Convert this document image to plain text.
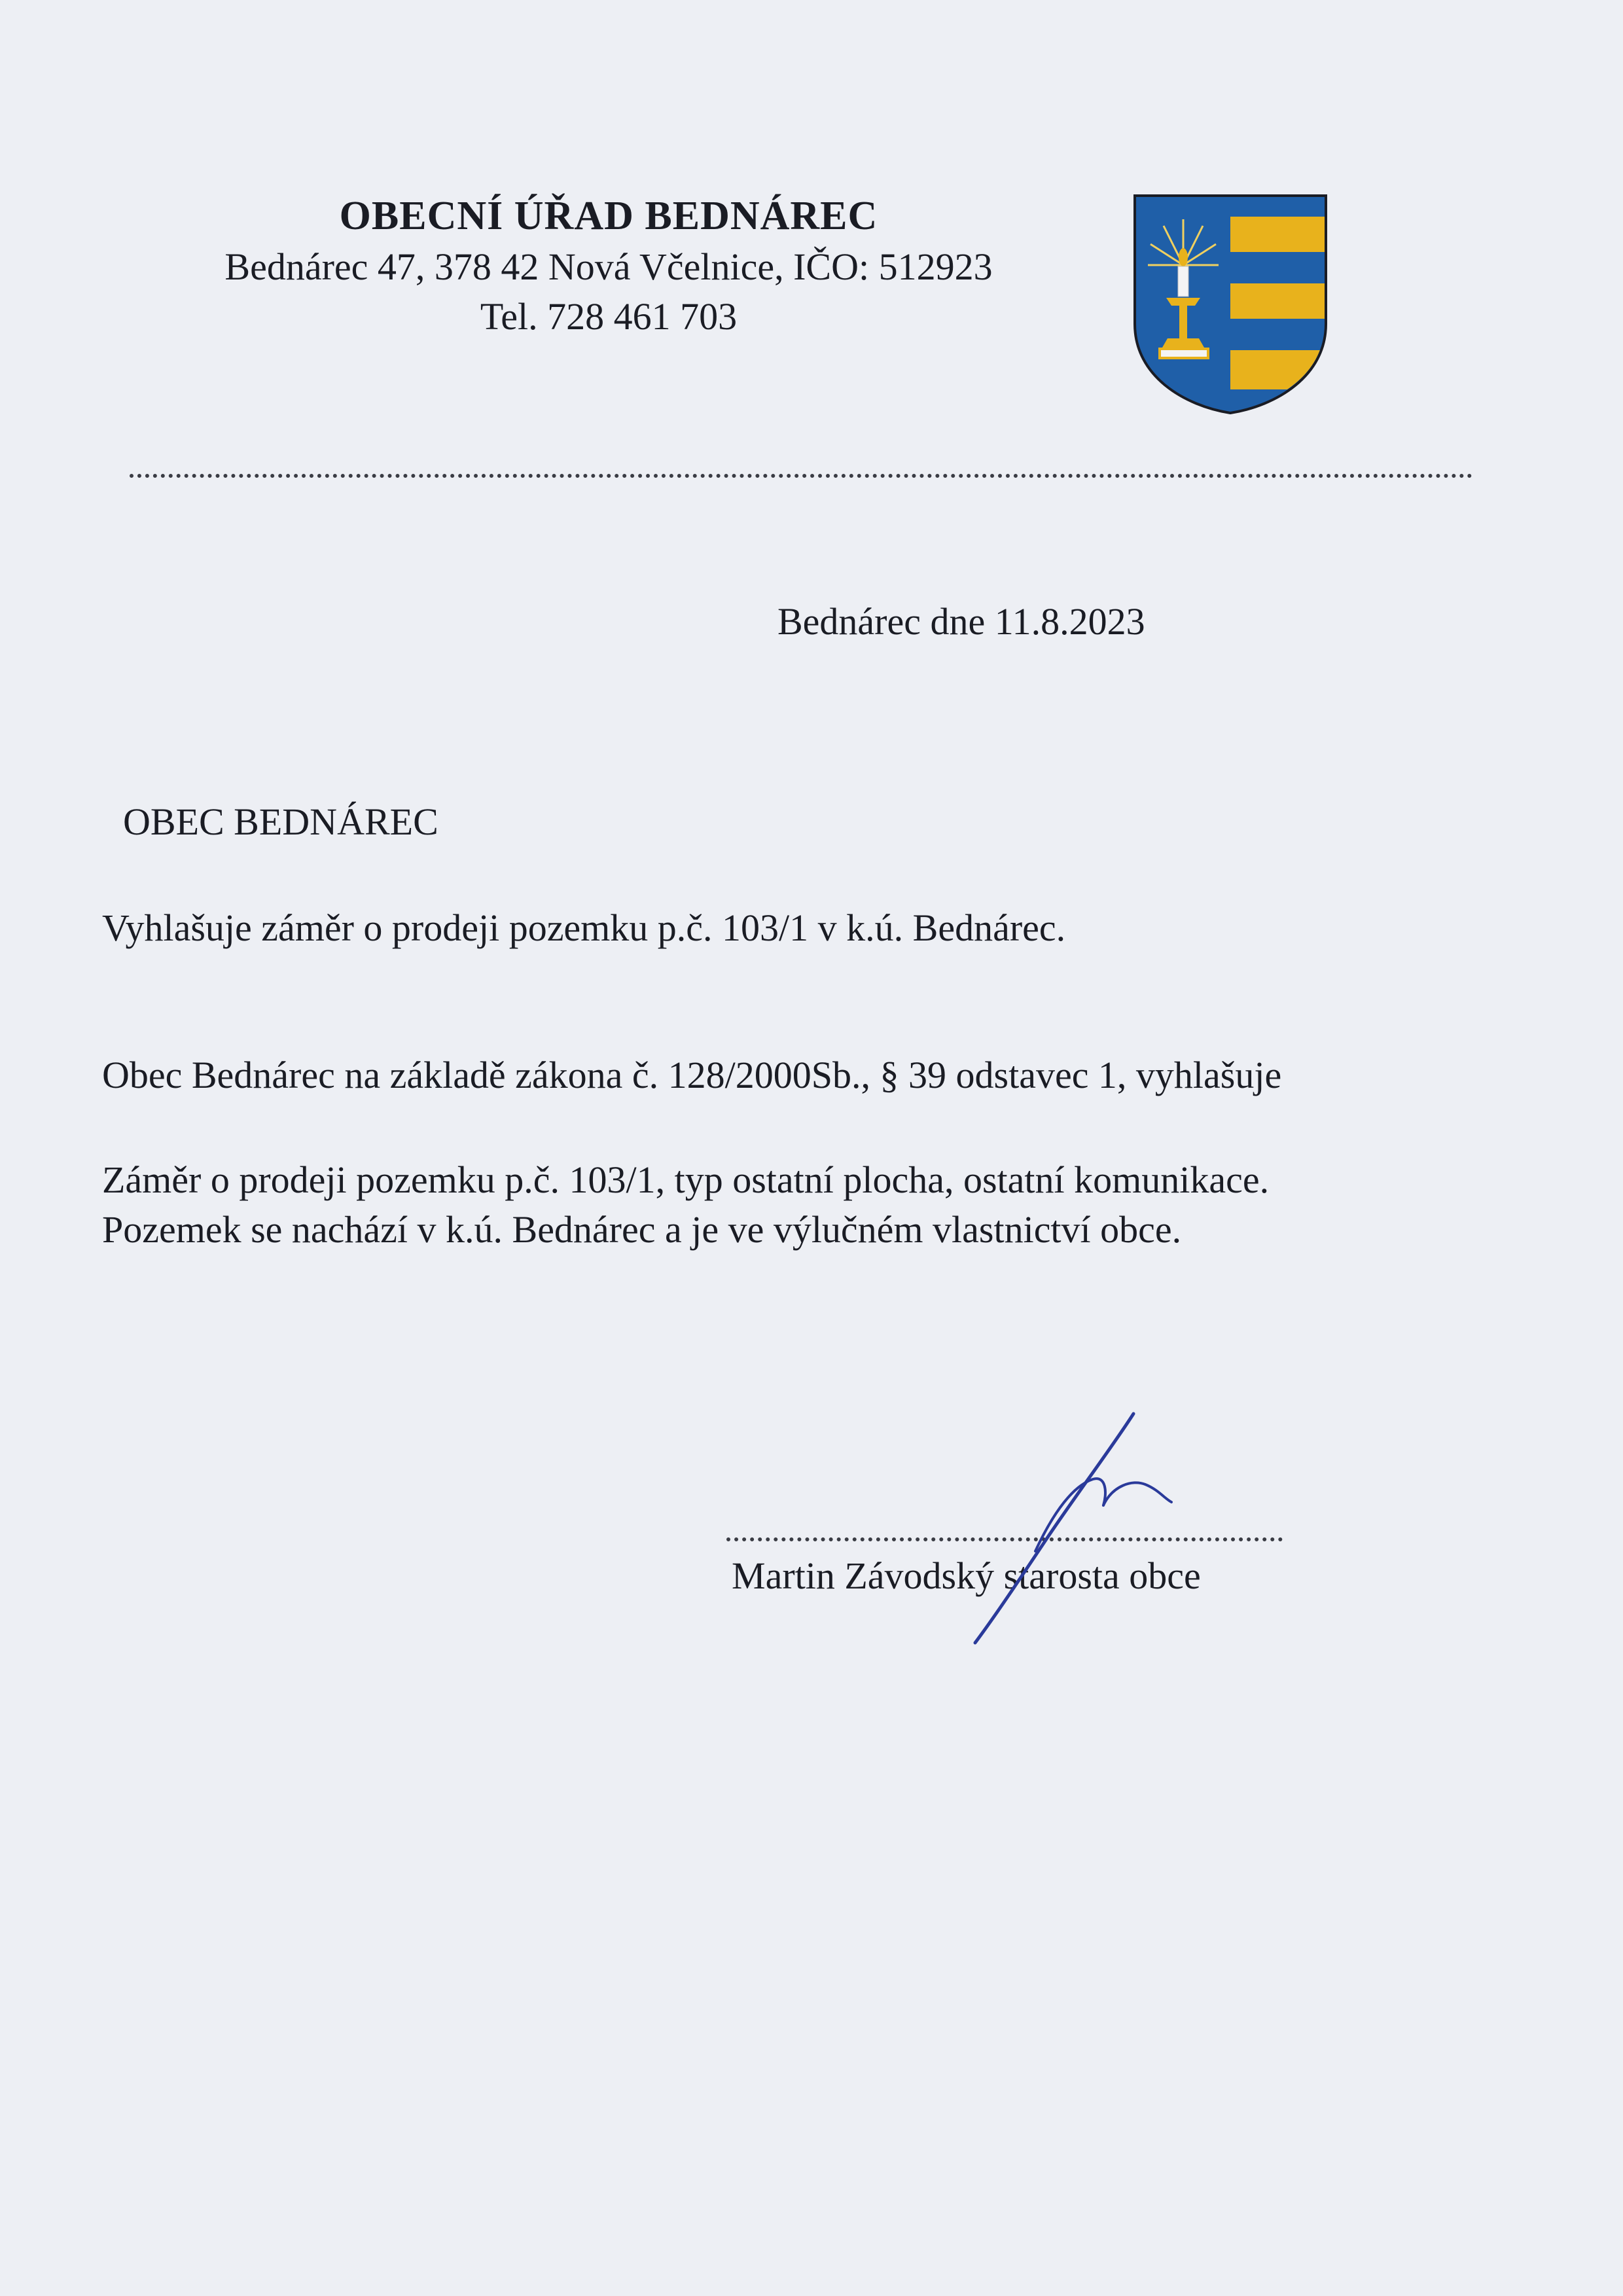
OBECNÍ ÚŘAD BEDNÁREC
Bednárec 47, 378 42 Nová Včelnice, IČO: 512923
Tel. 728 461 703
Bednárec dne 11.8.2023
OBEC BEDNÁREC
Vyhlašuje záměr o prodeji pozemku p.č. 103/1 v k.ú. Bednárec.
Obec Bednárec na základě zákona č. 128/2000Sb., § 39 odstavec 1, vyhlašuje
Záměr o prodeji pozemku p.č. 103/1, typ ostatní plocha, ostatní komunikace.
Pozemek se nachází v k.ú. Bednárec a je ve výlučném vlastnictví obce.
Martin Závodský starosta obce
